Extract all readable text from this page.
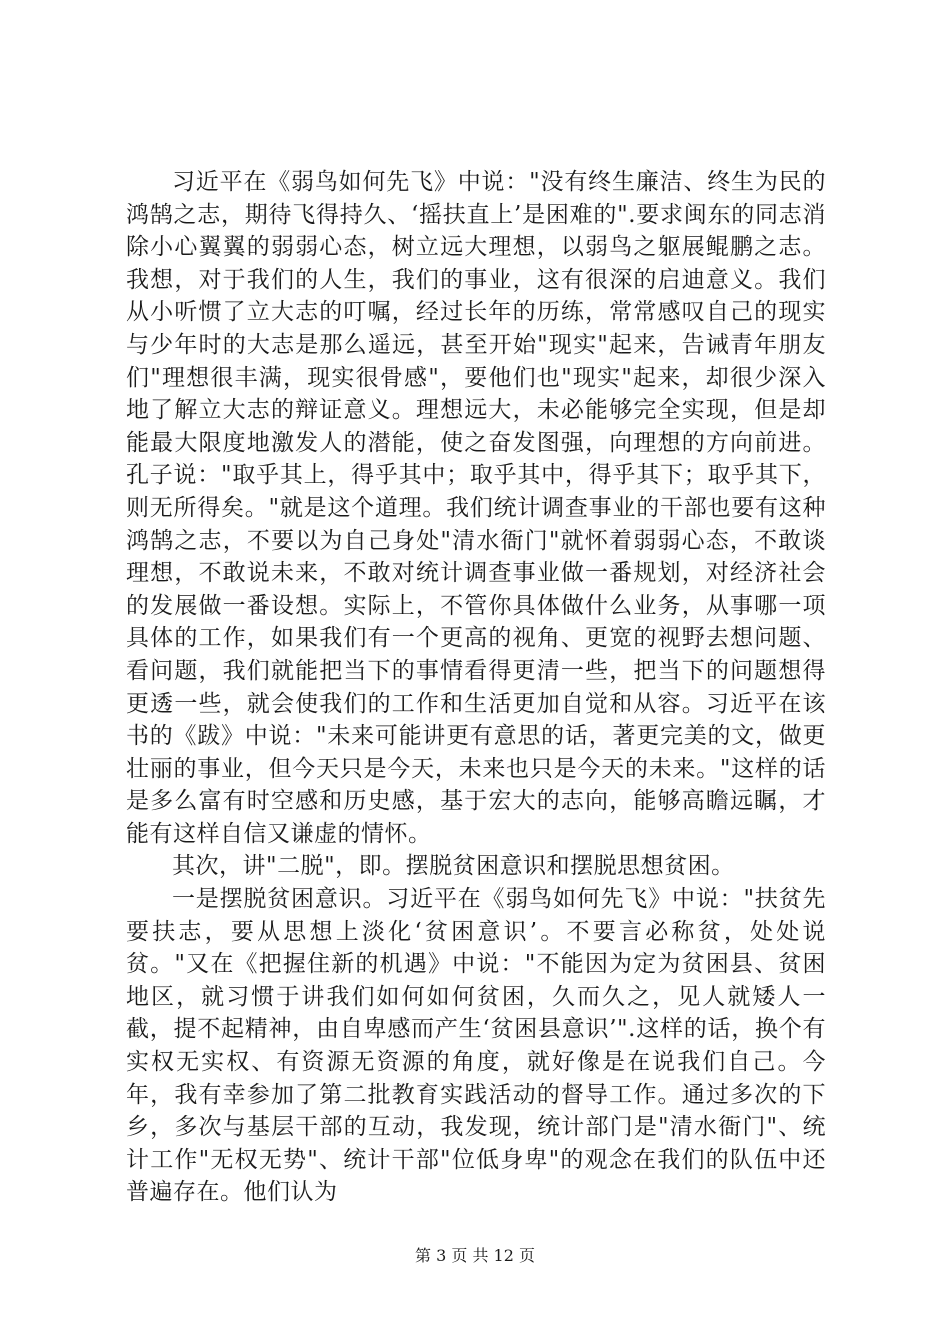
习近平在《弱鸟如何先飞》中说："没有终生廉洁、终生为民的鸿鹄之志，期待飞得持久、‘摇扶直上’是困难的".要求闽东的同志消除小心翼翼的弱弱心态，树立远大理想，以弱鸟之躯展鲲鹏之志。我想，对于我们的人生，我们的事业，这有很深的启迪意义。我们从小听惯了立大志的叮嘱，经过长年的历练，常常感叹自己的现实与少年时的大志是那么遥远，甚至开始"现实"起来，告诫青年朋友们"理想很丰满，现实很骨感"，要他们也"现实"起来，却很少深入地了解立大志的辩证意义。理想远大，未必能够完全实现，但是却能最大限度地激发人的潜能，使之奋发图强，向理想的方向前进。孔子说："取乎其上，得乎其中；取乎其中，得乎其下；取乎其下，则无所得矣。"就是这个道理。我们统计调查事业的干部也要有这种鸿鹄之志，不要以为自己身处"清水衙门"就怀着弱弱心态，不敢谈理想，不敢说未来，不敢对统计调查事业做一番规划，对经济社会的发展做一番设想。实际上，不管你具体做什么业务，从事哪一项具体的工作，如果我们有一个更高的视角、更宽的视野去想问题、看问题，我们就能把当下的事情看得更清一些，把当下的问题想得更透一些，就会使我们的工作和生活更加自觉和从容。习近平在该书的《跋》中说："未来可能讲更有意思的话，著更完美的文，做更壮丽的事业，但今天只是今天，未来也只是今天的未来。"这样的话是多么富有时空感和历史感，基于宏大的志向，能够高瞻远瞩，才能有这样自信又谦虚的情怀。

其次，讲"二脱"，即。摆脱贫困意识和摆脱思想贫困。

一是摆脱贫困意识。习近平在《弱鸟如何先飞》中说："扶贫先要扶志，要从思想上淡化‘贫困意识’。不要言必称贫，处处说贫。"又在《把握住新的机遇》中说："不能因为定为贫困县、贫困地区，就习惯于讲我们如何如何贫困，久而久之，见人就矮人一截，提不起精神，由自卑感而产生‘贫困县意识’".这样的话，换个有实权无实权、有资源无资源的角度，就好像是在说我们自己。今年，我有幸参加了第二批教育实践活动的督导工作。通过多次的下乡，多次与基层干部的互动，我发现，统计部门是"清水衙门"、统计工作"无权无势"、统计干部"位低身卑"的观念在我们的队伍中还普遍存在。他们认为

第 3 页 共 12 页
